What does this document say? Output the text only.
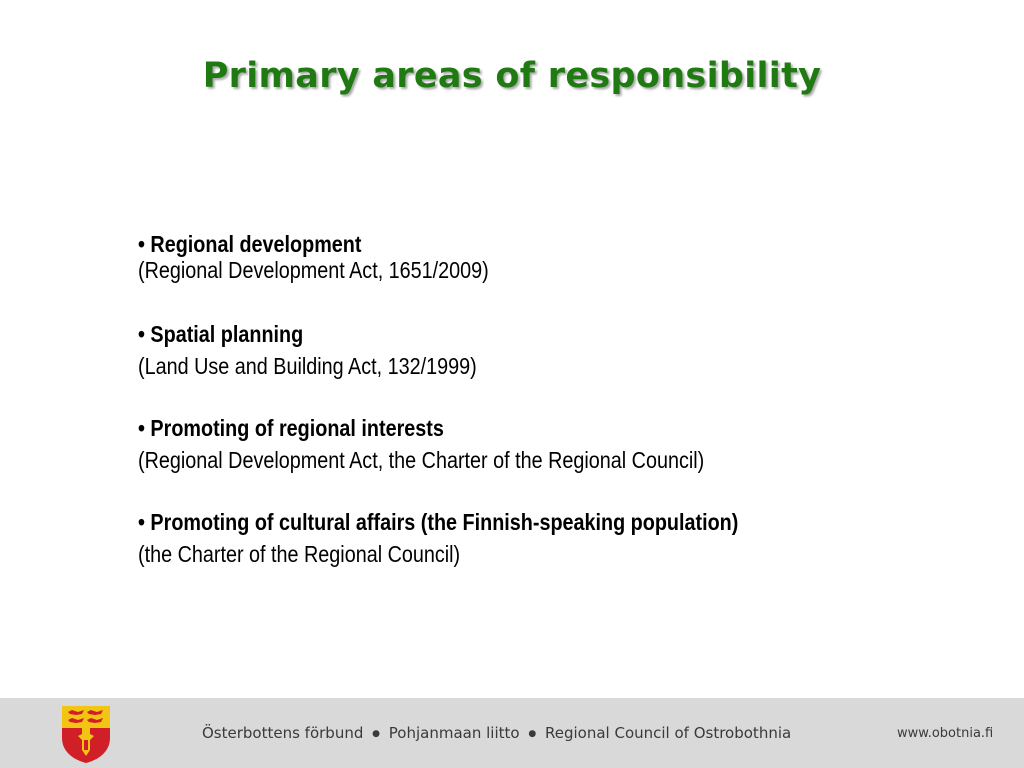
Primary areas of responsibility
• Regional development
(Regional Development Act, 1651/2009)
• Spatial planning
(Land Use and Building Act, 132/1999)
• Promoting of regional interests
(Regional Development Act, the Charter of the Regional Council)
• Promoting of cultural affairs (the Finnish-speaking population)
(the Charter of the Regional Council)
Österbottens förbund ● Pohjanmaan liitto ● Regional Council of Ostrobothnia	www.obotnia.fi
